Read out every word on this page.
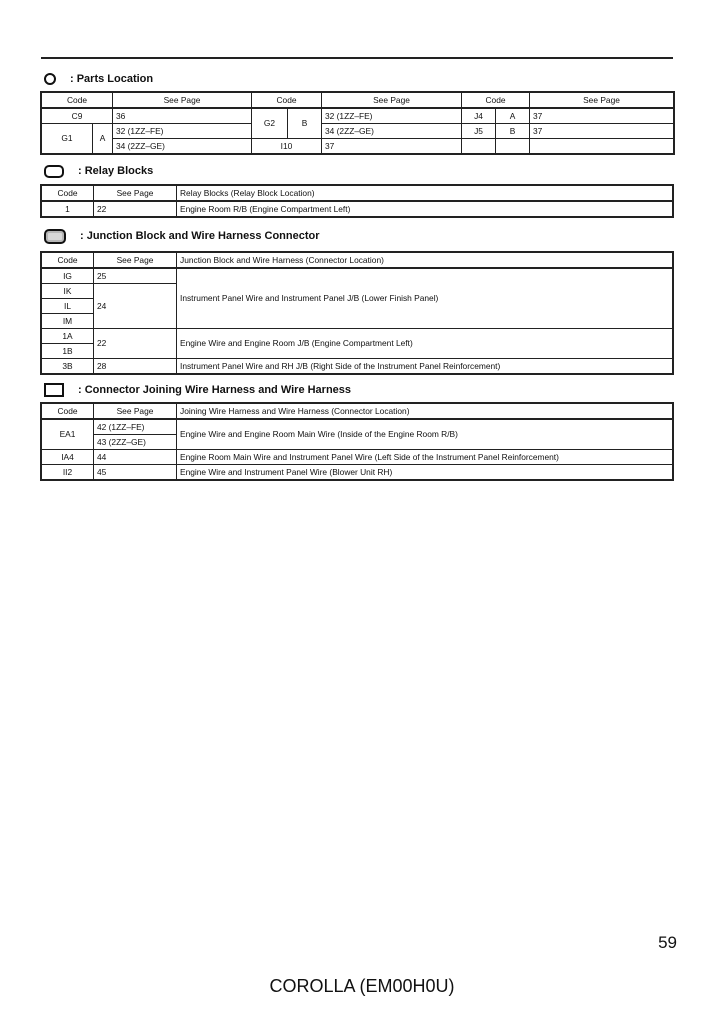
: Parts Location
Code		See Page	Code		See Page	Code		See Page
C9		36	G2	B	32 (1ZZ–FE)	J4	A	37
G1	A	32 (1ZZ–FE)			34 (2ZZ–GE)	J5	B	37
		34 (2ZZ–GE)	I10		37			
: Relay Blocks
Code	See Page	Relay Blocks (Relay Block Location)
1	22	Engine Room R/B (Engine Compartment Left)
: Junction Block and Wire Harness Connector
Code	See Page	Junction Block and Wire Harness (Connector Location)
IG	25	Instrument Panel Wire and Instrument Panel J/B (Lower Finish Panel)
IK	24	
IL		
IM		
1A	22	Engine Wire and Engine Room J/B (Engine Compartment Left)
1B		
3B	28	Instrument Panel Wire and RH J/B (Right Side of the Instrument Panel Reinforcement)
: Connector Joining Wire Harness and Wire Harness
Code	See Page	Joining Wire Harness and Wire Harness (Connector Location)
EA1	42 (1ZZ–FE)	Engine Wire and Engine Room Main Wire (Inside of the Engine Room R/B)
	43 (2ZZ–GE)	
IA4	44	Engine Room Main Wire and Instrument Panel Wire (Left Side of the Instrument Panel Reinforcement)
II2	45	Engine Wire and Instrument Panel Wire (Blower Unit RH)
59
COROLLA (EM00H0U)
